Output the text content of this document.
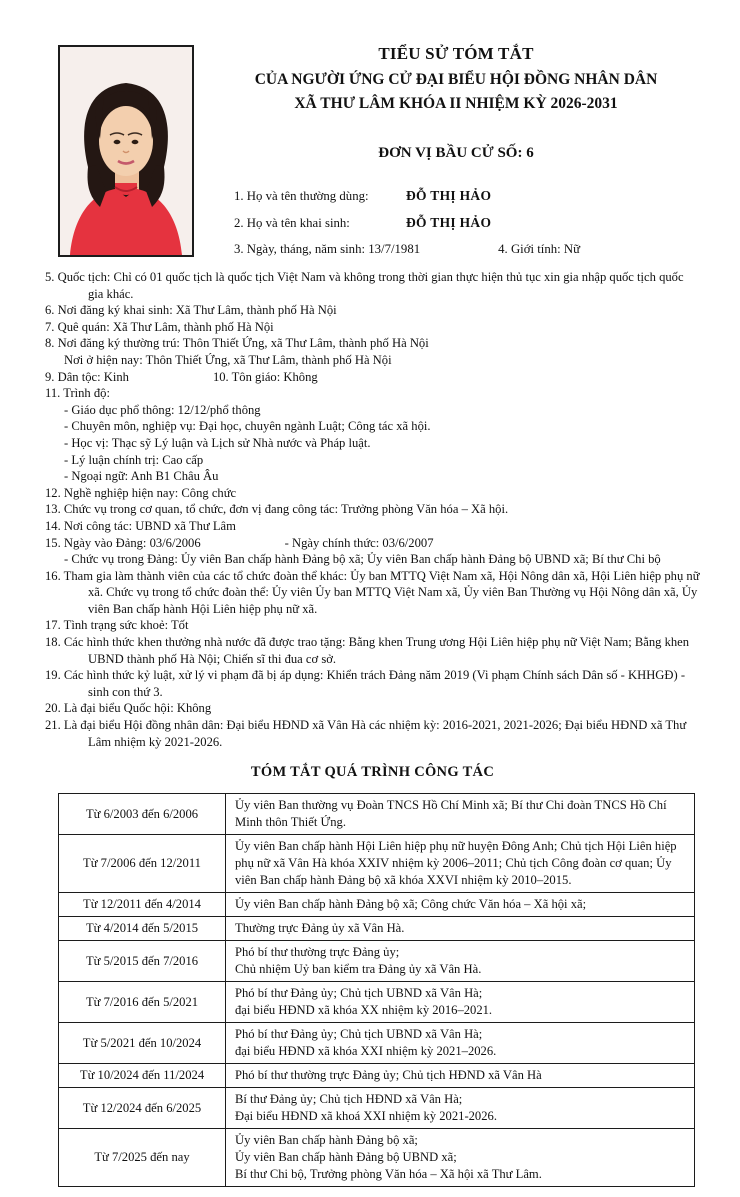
TIỂU SỬ TÓM TẮT
CỦA NGƯỜI ỨNG CỬ ĐẠI BIỂU HỘI ĐỒNG NHÂN DÂN
XÃ THƯ LÂM KHÓA II NHIỆM KỲ 2026-2031
ĐƠN VỊ BẦU CỬ SỐ: 6
1. Họ và tên thường dùng:	ĐỖ THỊ HẢO
2. Họ và tên khai sinh:	ĐỖ THỊ HẢO
3. Ngày, tháng, năm sinh: 13/7/1981	4. Giới tính: Nữ
5. Quốc tịch: Chỉ có 01 quốc tịch là quốc tịch Việt Nam và không trong thời gian thực hiện thủ tục xin gia nhập quốc tịch quốc gia khác.
6. Nơi đăng ký khai sinh: Xã Thư Lâm, thành phố Hà Nội
7. Quê quán: Xã Thư Lâm, thành phố Hà Nội
8. Nơi đăng ký thường trú: Thôn Thiết Ứng, xã Thư Lâm, thành phố Hà Nội
Nơi ở hiện nay: Thôn Thiết Ứng, xã Thư Lâm, thành phố Hà Nội
9. Dân tộc: Kinh	10. Tôn giáo: Không
11. Trình độ:
- Giáo dục phổ thông: 12/12/phổ thông
- Chuyên môn, nghiệp vụ: Đại học, chuyên ngành Luật; Công tác xã hội.
- Học vị: Thạc sỹ Lý luận và Lịch sử Nhà nước và Pháp luật.
- Lý luận chính trị: Cao cấp
- Ngoại ngữ: Anh B1 Châu Âu
12. Nghề nghiệp hiện nay: Công chức
13. Chức vụ trong cơ quan, tổ chức, đơn vị đang công tác: Trưởng phòng Văn hóa – Xã hội.
14. Nơi công tác: UBND xã Thư Lâm
15. Ngày vào Đảng: 03/6/2006	- Ngày chính thức: 03/6/2007
- Chức vụ trong Đảng: Ủy viên Ban chấp hành Đảng bộ xã; Ủy viên Ban chấp hành Đảng bộ UBND xã; Bí thư Chi bộ
16. Tham gia làm thành viên của các tổ chức đoàn thể khác: Ủy ban MTTQ Việt Nam xã, Hội Nông dân xã, Hội Liên hiệp phụ nữ xã. Chức vụ trong tổ chức đoàn thể: Ủy viên Ủy ban MTTQ Việt Nam xã, Ủy viên Ban Thường vụ Hội Nông dân xã, Ủy viên Ban chấp hành Hội Liên hiệp phụ nữ xã.
17. Tình trạng sức khoẻ: Tốt
18. Các hình thức khen thưởng nhà nước đã được trao tặng: Bằng khen Trung ương Hội Liên hiệp phụ nữ Việt Nam; Bằng khen UBND thành phố Hà Nội; Chiến sĩ thi đua cơ sở.
19. Các hình thức kỷ luật, xử lý vi phạm đã bị áp dụng: Khiển trách Đảng năm 2019 (Vi phạm Chính sách Dân số - KHHGĐ) - sinh con thứ 3.
20. Là đại biểu Quốc hội: Không
21. Là đại biểu Hội đồng nhân dân: Đại biểu HĐND xã Vân Hà các nhiệm kỳ: 2016-2021, 2021-2026; Đại biểu HĐND xã Thư Lâm nhiệm kỳ 2021-2026.
TÓM TẮT QUÁ TRÌNH CÔNG TÁC
Từ 6/2003 đến 6/2006	Ủy viên Ban thường vụ Đoàn TNCS Hồ Chí Minh xã; Bí thư Chi đoàn TNCS Hồ Chí Minh thôn Thiết Ứng.

Từ 7/2006 đến 12/2011	Ủy viên Ban chấp hành Hội Liên hiệp phụ nữ huyện Đông Anh; Chủ tịch Hội Liên hiệp phụ nữ xã Vân Hà khóa XXIV nhiệm kỳ 2006–2011; Chủ tịch Công đoàn cơ quan; Ủy viên Ban chấp hành Đảng bộ xã khóa XXVI nhiệm kỳ 2010–2015.

Từ 12/2011 đến 4/2014	Ủy viên Ban chấp hành Đảng bộ xã; Công chức Văn hóa – Xã hội xã;

Từ 4/2014 đến 5/2015	Thường trực Đảng ủy xã Vân Hà.

Từ 5/2015 đến 7/2016	Phó bí thư thường trực Đảng ủy;
Chủ nhiệm Uỷ ban kiểm tra Đảng ủy xã Vân Hà.

Từ 7/2016 đến 5/2021	Phó bí thư Đảng ủy; Chủ tịch UBND xã Vân Hà;
đại biểu HĐND xã khóa XX nhiệm kỳ 2016–2021.

Từ 5/2021 đến 10/2024	Phó bí thư Đảng ủy; Chủ tịch UBND xã Vân Hà;
đại biểu HĐND xã khóa XXI nhiệm kỳ 2021–2026.

Từ 10/2024 đến 11/2024	Phó bí thư thường trực Đảng ủy; Chủ tịch HĐND xã Vân Hà

Từ 12/2024 đến 6/2025	Bí thư Đảng ủy; Chủ tịch HĐND xã Vân Hà;
Đại biểu HĐND xã khoá XXI nhiệm kỳ 2021-2026.

Từ 7/2025 đến nay	Ủy viên Ban chấp hành Đảng bộ xã;
Ủy viên Ban chấp hành Đảng bộ UBND xã;
Bí thư Chi bộ, Trưởng phòng Văn hóa – Xã hội xã Thư Lâm.
